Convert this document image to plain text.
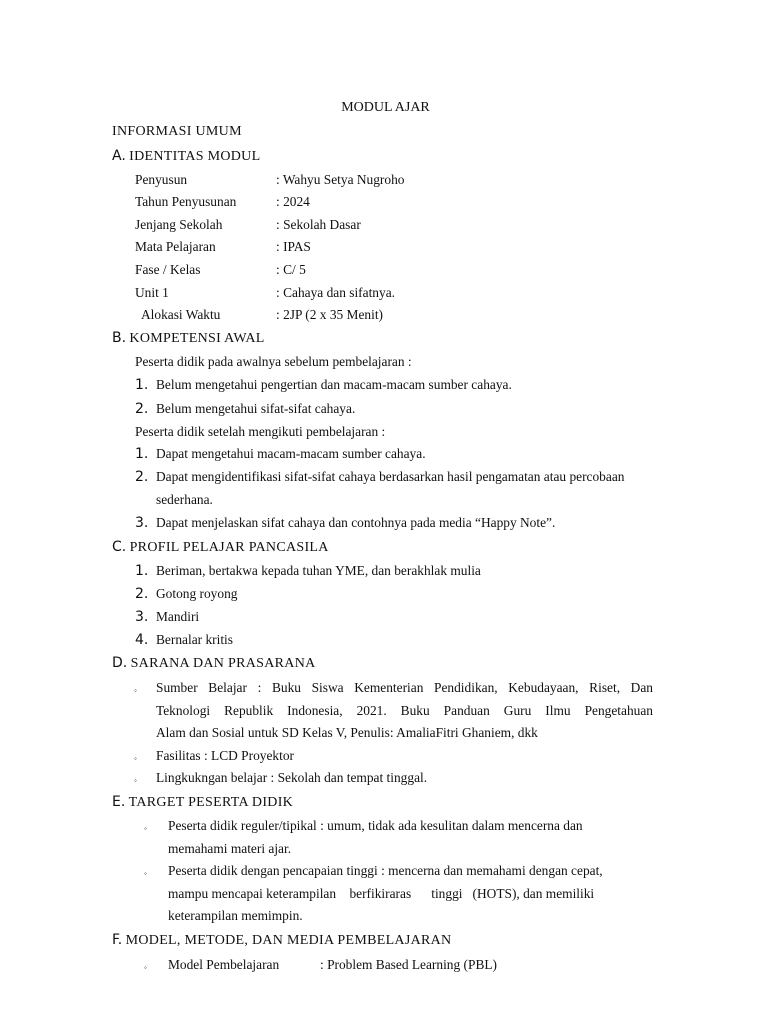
MODUL AJAR
INFORMASI UMUM
A. IDENTITAS MODUL
Penyusun	: Wahyu Setya Nugroho
Tahun Penyusunan	: 2024
Jenjang Sekolah	: Sekolah Dasar
Mata Pelajaran	: IPAS
Fase / Kelas	: C/ 5
Unit 1	: Cahaya dan sifatnya.
Alokasi Waktu	: 2JP (2 x 35 Menit)
B. KOMPETENSI AWAL
Peserta didik pada awalnya sebelum pembelajaran :
1. Belum mengetahui pengertian dan macam-macam sumber cahaya.
2. Belum mengetahui sifat-sifat cahaya.
Peserta didik setelah mengikuti pembelajaran :
1. Dapat mengetahui macam-macam sumber cahaya.
2. Dapat mengidentifikasi sifat-sifat cahaya berdasarkan hasil pengamatan atau percobaan
sederhana.
3. Dapat menjelaskan sifat cahaya dan contohnya pada media “Happy Note”.
C. PROFIL PELAJAR PANCASILA
1. Beriman, bertakwa kepada tuhan YME, dan berakhlak mulia
2. Gotong royong
3. Mandiri
4. Bernalar kritis
D. SARANA DAN PRASARANA
◦ Sumber Belajar : Buku Siswa Kementerian Pendidikan, Kebudayaan, Riset, Dan
Teknologi Republik Indonesia, 2021. Buku Panduan Guru Ilmu Pengetahuan
Alam dan Sosial untuk SD Kelas V, Penulis: AmaliaFitri Ghaniem, dkk
◦ Fasilitas : LCD Proyektor
◦ Lingkukngan belajar : Sekolah dan tempat tinggal.
E. TARGET PESERTA DIDIK
◦ Peserta didik reguler/tipikal : umum, tidak ada kesulitan dalam mencerna dan
memahami materi ajar.
◦ Peserta didik dengan pencapaian tinggi : mencerna dan memahami dengan cepat,
mampu mencapai keterampilan    berfikiraras      tinggi   (HOTS), dan memiliki
keterampilan memimpin.
F. MODEL, METODE, DAN MEDIA PEMBELAJARAN
◦ Model Pembelajaran	: Problem Based Learning (PBL)
